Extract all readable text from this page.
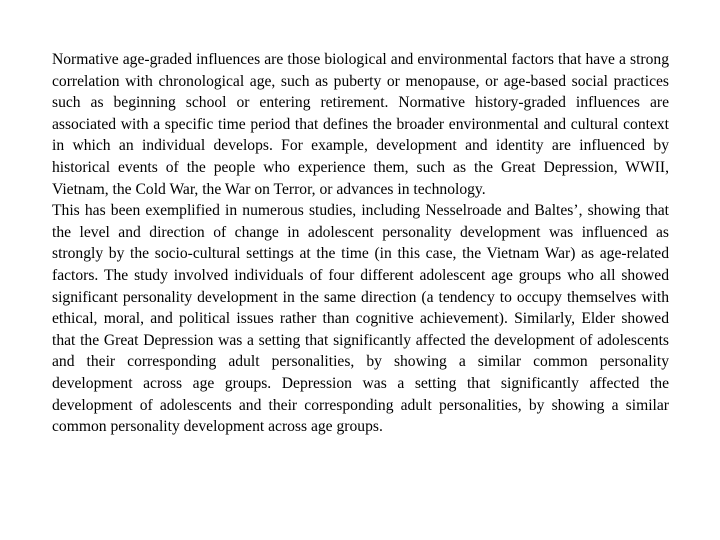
Normative age-graded influences are those biological and environmental factors that have a strong correlation with chronological age, such as puberty or menopause, or age-based social practices such as beginning school or entering retirement. Normative history-graded influences are associated with a specific time period that defines the broader environmental and cultural context in which an individual develops. For example, development and identity are influenced by historical events of the people who experience them, such as the Great Depression, WWII, Vietnam, the Cold War, the War on Terror, or advances in technology.

This has been exemplified in numerous studies, including Nesselroade and Baltes’, showing that the level and direction of change in adolescent personality development was influenced as strongly by the socio-cultural settings at the time (in this case, the Vietnam War) as age-related factors. The study involved individuals of four different adolescent age groups who all showed significant personality development in the same direction (a tendency to occupy themselves with ethical, moral, and political issues rather than cognitive achievement). Similarly, Elder showed that the Great Depression was a setting that significantly affected the development of adolescents and their corresponding adult personalities, by showing a similar common personality development across age groups. Depression was a setting that significantly affected the development of adolescents and their corresponding adult personalities, by showing a similar common personality development across age groups.
